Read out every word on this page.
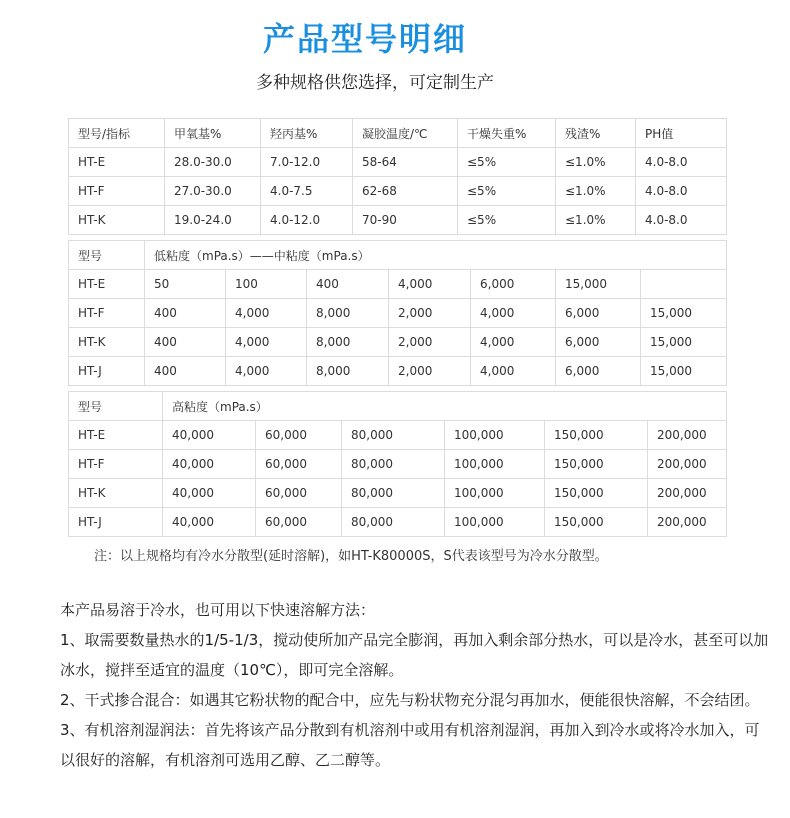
产品型号明细
多种规格供您选择，可定制生产
型号/指标	甲氧基%	羟丙基%	凝胶温度/℃	干燥失重%	残渣%	PH值
HT-E	28.0-30.0	7.0-12.0	58-64	≤5%	≤1.0%	4.0-8.0
HT-F	27.0-30.0	4.0-7.5	62-68	≤5%	≤1.0%	4.0-8.0
HT-K	19.0-24.0	4.0-12.0	70-90	≤5%	≤1.0%	4.0-8.0
型号	低粘度（mPa.s）——中粘度（mPa.s）						
HT-E	50	100	400	4,000	6,000	15,000	
HT-F	400	4,000	8,000	2,000	4,000	6,000	15,000
HT-K	400	4,000	8,000	2,000	4,000	6,000	15,000
HT-J	400	4,000	8,000	2,000	4,000	6,000	15,000
型号	高粘度（mPa.s）					
HT-E	40,000	60,000	80,000	100,000	150,000	200,000
HT-F	40,000	60,000	80,000	100,000	150,000	200,000
HT-K	40,000	60,000	80,000	100,000	150,000	200,000
HT-J	40,000	60,000	80,000	100,000	150,000	200,000
注：以上规格均有冷水分散型(延时溶解)，如HT-K80000S，S代表该型号为冷水分散型。

本产品易溶于冷水，也可用以下快速溶解方法：

1、取需要数量热水的1/5-1/3，搅动使所加产品完全膨润，再加入剩余部分热水，可以是冷水，甚至可以加冰水，搅拌至适宜的温度（10℃），即可完全溶解。

2、干式掺合混合：如遇其它粉状物的配合中，应先与粉状物充分混匀再加水，便能很快溶解，不会结团。

3、有机溶剂湿润法：首先将该产品分散到有机溶剂中或用有机溶剂湿润，再加入到冷水或将冷水加入，可以很好的溶解，有机溶剂可选用乙醇、乙二醇等。
